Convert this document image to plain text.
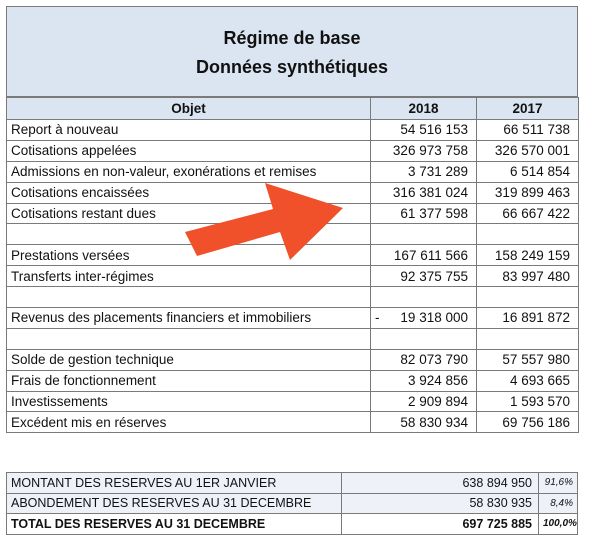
Régime de base
Données synthétiques
Objet	2018	2017
Report à nouveau	54 516 153	66 511 738
Cotisations appelées	326 973 758	326 570 001
Admissions en non-valeur, exonérations et remises	3 731 289	6 514 854
Cotisations encaissées	316 381 024	319 899 463
Cotisations restant dues	61 377 598	66 667 422

Prestations versées	167 611 566	158 249 159
Transferts inter-régimes	92 375 755	83 997 480

Revenus des placements financiers et immobiliers	- 19 318 000	16 891 872

Solde de gestion technique	82 073 790	57 557 980
Frais de fonctionnement	3 924 856	4 693 665
Investissements	2 909 894	1 593 570
Excédent mis en réserves	58 830 934	69 756 186
MONTANT DES RESERVES AU 1ER JANVIER	638 894 950	91,6%
ABONDEMENT DES RESERVES AU 31 DECEMBRE	58 830 935	8,4%
TOTAL DES RESERVES AU 31 DECEMBRE	697 725 885	100,0%
